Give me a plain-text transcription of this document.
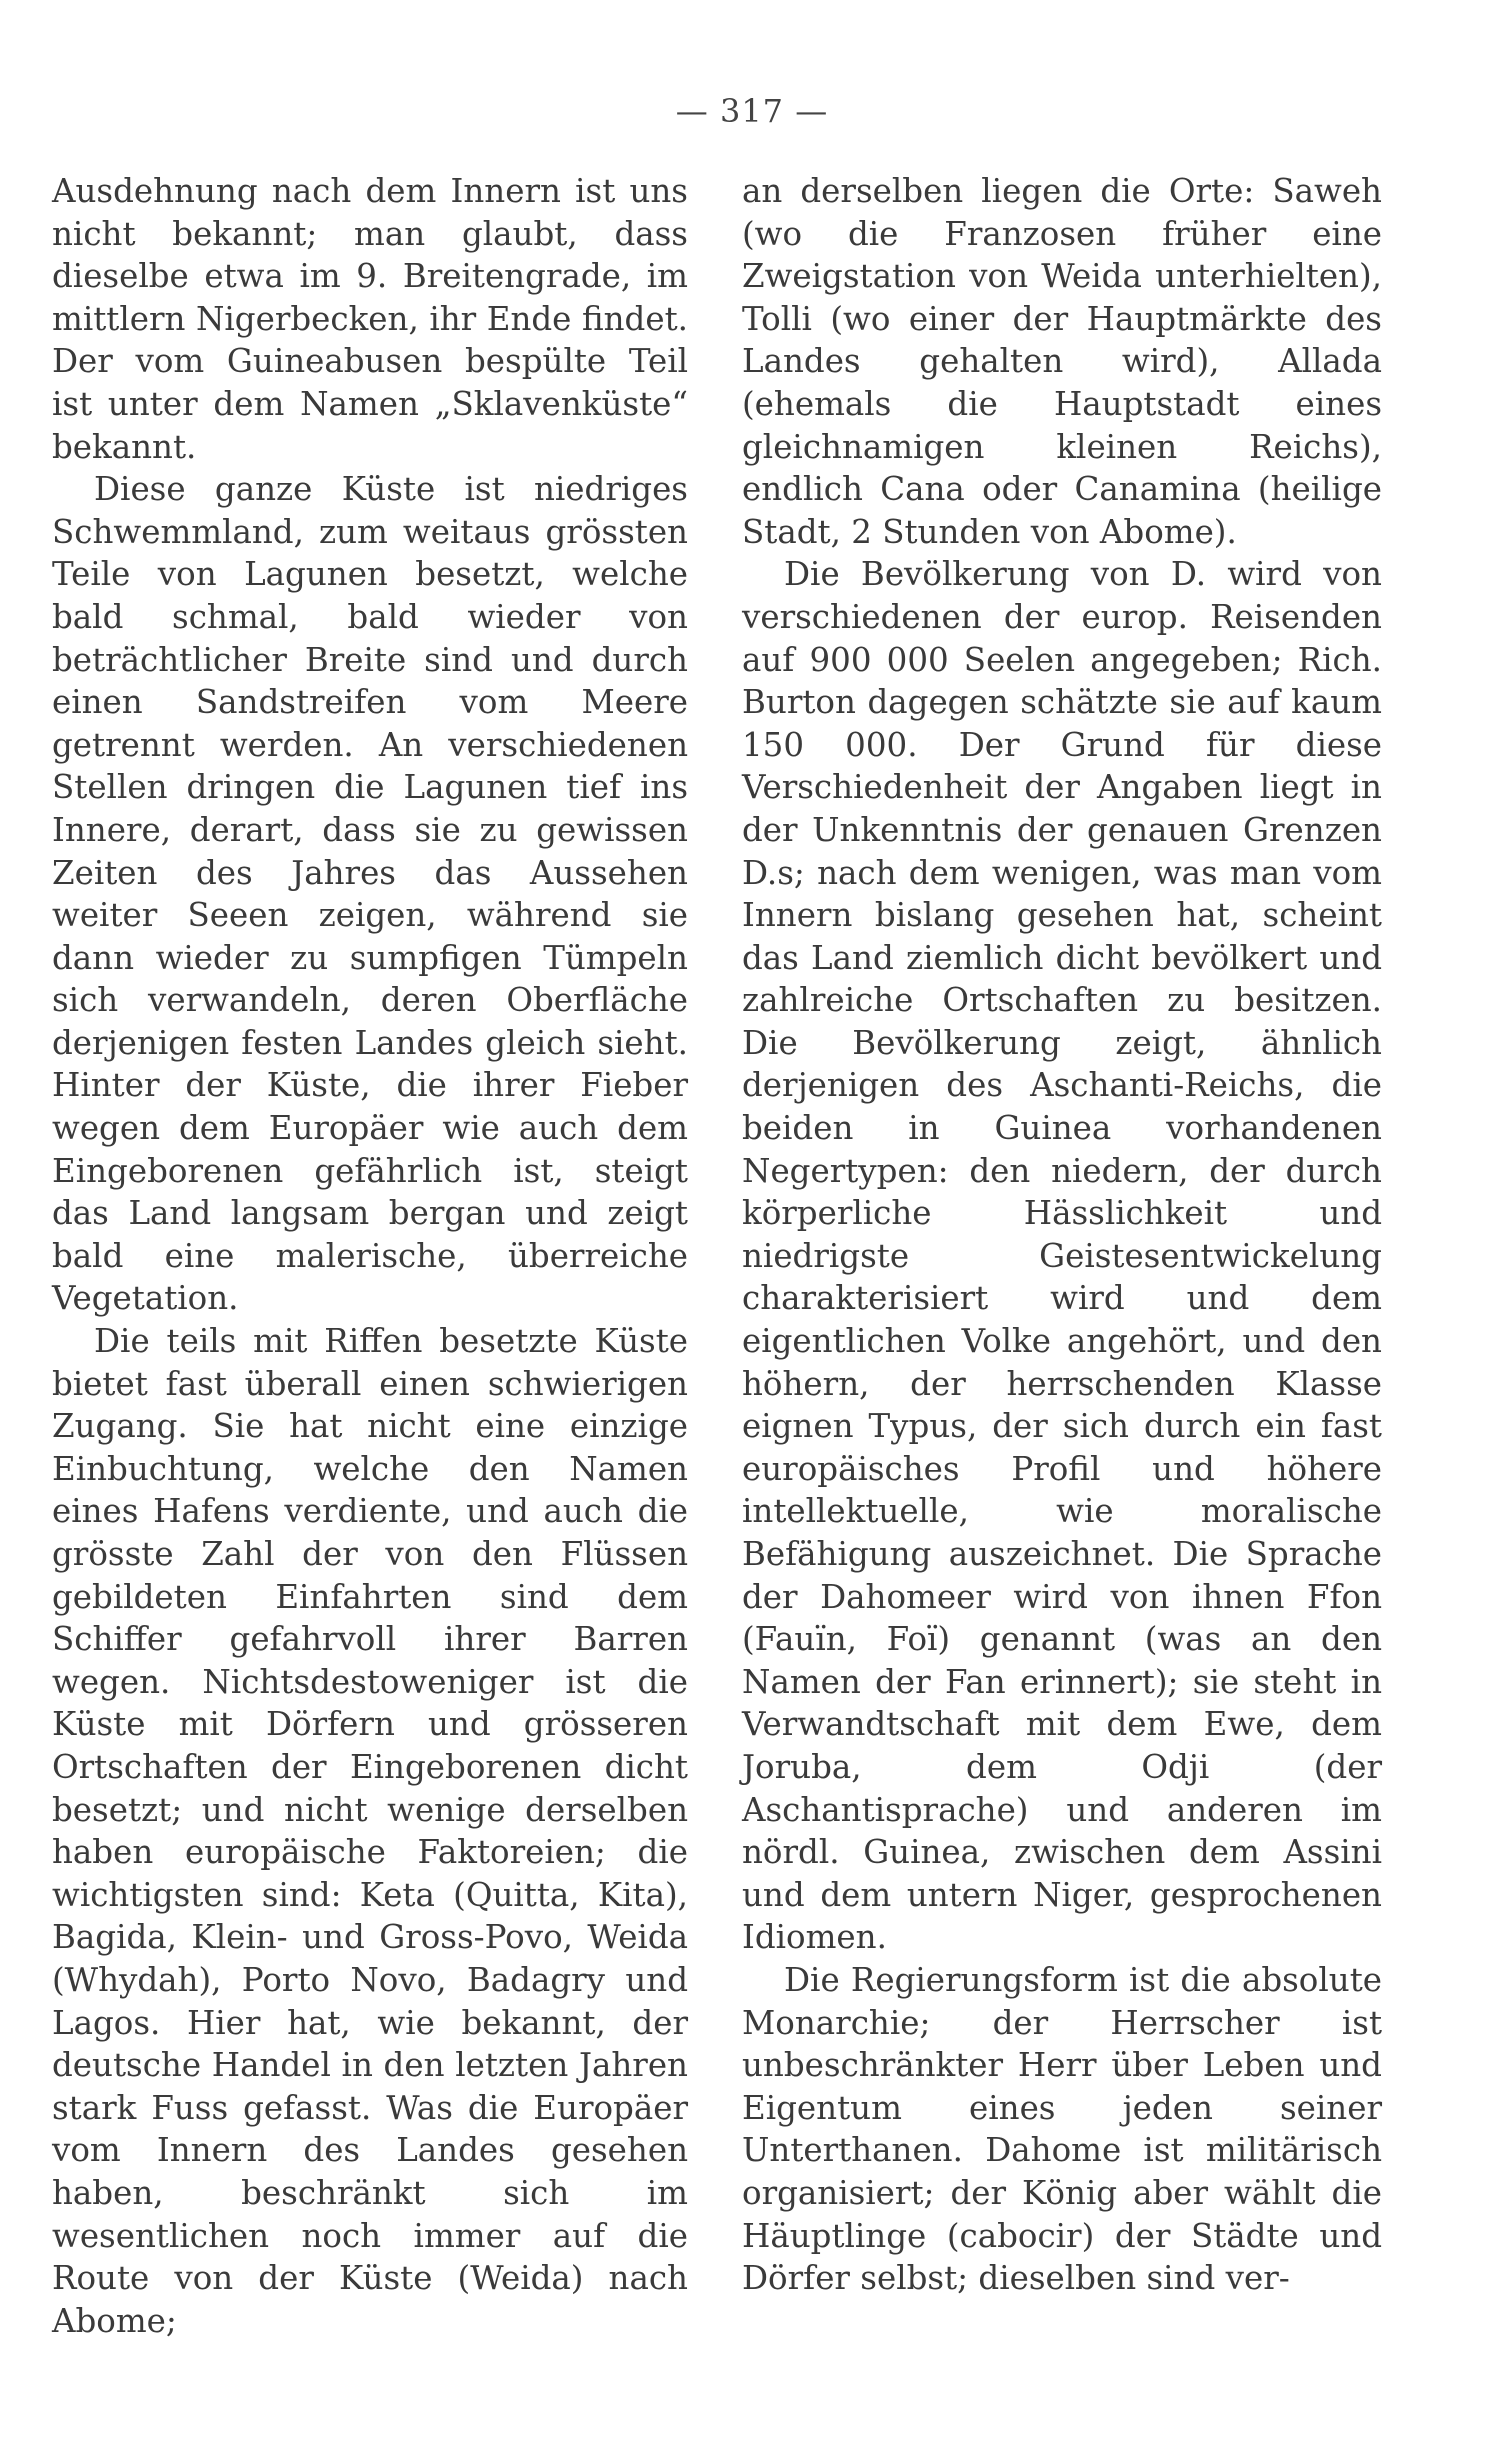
— 317 —

Ausdehnung nach dem Innern ist uns nicht bekannt; man glaubt, dass dieselbe etwa im 9. Breitengrade, im mittlern Nigerbecken, ihr Ende findet. Der vom Guineabusen bespülte Teil ist unter dem Namen „Sklavenküste“ bekannt.

Diese ganze Küste ist niedriges Schwemmland, zum weitaus grössten Teile von Lagunen besetzt, welche bald schmal, bald wieder von beträchtlicher Breite sind und durch einen Sandstreifen vom Meere getrennt werden. An verschiedenen Stellen dringen die Lagunen tief ins Innere, derart, dass sie zu gewissen Zeiten des Jahres das Aussehen weiter Seeen zeigen, während sie dann wieder zu sumpfigen Tümpeln sich verwandeln, deren Oberfläche derjenigen festen Landes gleich sieht. Hinter der Küste, die ihrer Fieber wegen dem Europäer wie auch dem Eingeborenen gefährlich ist, steigt das Land langsam bergan und zeigt bald eine malerische, überreiche Vegetation.

Die teils mit Riffen besetzte Küste bietet fast überall einen schwierigen Zugang. Sie hat nicht eine einzige Einbuchtung, welche den Namen eines Hafens verdiente, und auch die grösste Zahl der von den Flüssen gebildeten Einfahrten sind dem Schiffer gefahrvoll ihrer Barren wegen. Nichtsdestoweniger ist die Küste mit Dörfern und grösseren Ortschaften der Eingeborenen dicht besetzt; und nicht wenige derselben haben europäische Faktoreien; die wichtigsten sind: Keta (Quitta, Kita), Bagida, Klein- und Gross-Povo, Weida (Whydah), Porto Novo, Badagry und Lagos. Hier hat, wie bekannt, der deutsche Handel in den letzten Jahren stark Fuss gefasst. Was die Europäer vom Innern des Landes gesehen haben, beschränkt sich im wesentlichen noch immer auf die Route von der Küste (Weida) nach Abome;

an derselben liegen die Orte: Saweh (wo die Franzosen früher eine Zweigstation von Weida unterhielten), Tolli (wo einer der Hauptmärkte des Landes gehalten wird), Allada (ehemals die Hauptstadt eines gleichnamigen kleinen Reichs), endlich Cana oder Canamina (heilige Stadt, 2 Stunden von Abome).

Die Bevölkerung von D. wird von verschiedenen der europ. Reisenden auf 900 000 Seelen angegeben; Rich. Burton dagegen schätzte sie auf kaum 150 000. Der Grund für diese Verschiedenheit der Angaben liegt in der Unkenntnis der genauen Grenzen D.s; nach dem wenigen, was man vom Innern bislang gesehen hat, scheint das Land ziemlich dicht bevölkert und zahlreiche Ortschaften zu besitzen. Die Bevölkerung zeigt, ähnlich derjenigen des Aschanti-Reichs, die beiden in Guinea vorhandenen Negertypen: den niedern, der durch körperliche Hässlichkeit und niedrigste Geistesentwickelung charakterisiert wird und dem eigentlichen Volke angehört, und den höhern, der herrschenden Klasse eignen Typus, der sich durch ein fast europäisches Profil und höhere intellektuelle, wie moralische Befähigung auszeichnet. Die Sprache der Dahomeer wird von ihnen Ffon (Fauïn, Foï) genannt (was an den Namen der Fan erinnert); sie steht in Verwandtschaft mit dem Ewe, dem Joruba, dem Odji (der Aschantisprache) und anderen im nördl. Guinea, zwischen dem Assini und dem untern Niger, gesprochenen Idiomen.

Die Regierungsform ist die absolute Monarchie; der Herrscher ist unbeschränkter Herr über Leben und Eigentum eines jeden seiner Unterthanen. Dahome ist militärisch organisiert; der König aber wählt die Häuptlinge (cabocir) der Städte und Dörfer selbst; dieselben sind ver-
